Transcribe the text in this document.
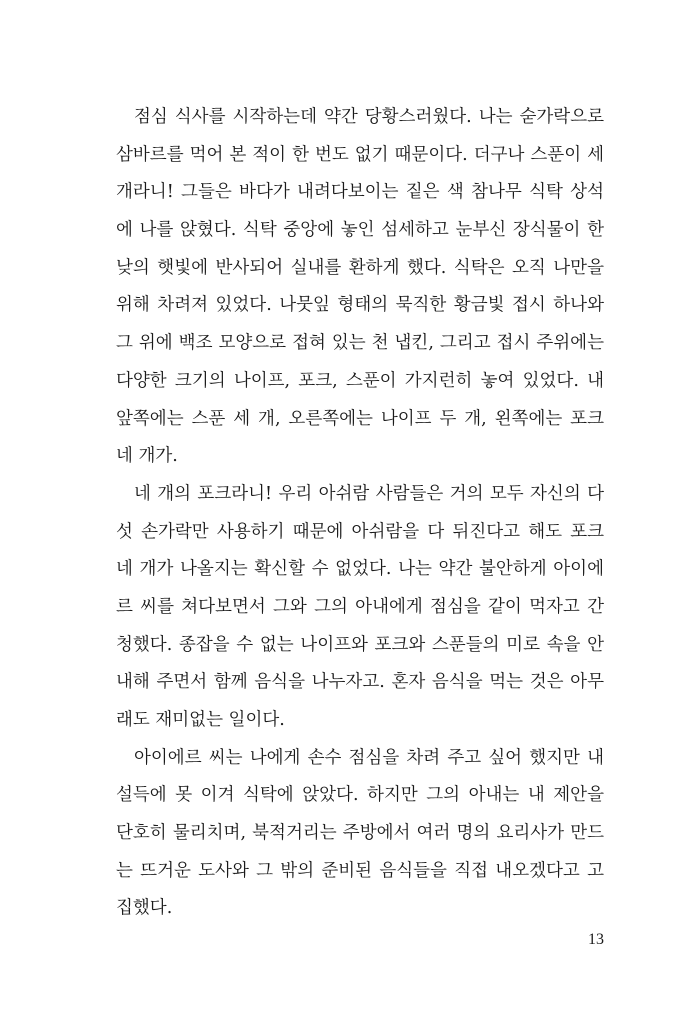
점심 식사를 시작하는데 약간 당황스러웠다. 나는 숟가락으로
삼바르를 먹어 본 적이 한 번도 없기 때문이다. 더구나 스푼이 세
개라니! 그들은 바다가 내려다보이는 짙은 색 참나무 식탁 상석
에 나를 앉혔다. 식탁 중앙에 놓인 섬세하고 눈부신 장식물이 한
낮의 햇빛에 반사되어 실내를 환하게 했다. 식탁은 오직 나만을
위해 차려져 있었다. 나뭇잎 형태의 묵직한 황금빛 접시 하나와
그 위에 백조 모양으로 접혀 있는 천 냅킨, 그리고 접시 주위에는
다양한 크기의 나이프, 포크, 스푼이 가지런히 놓여 있었다. 내
앞쪽에는 스푼 세 개, 오른쪽에는 나이프 두 개, 왼쪽에는 포크
네 개가.
네 개의 포크라니! 우리 아쉬람 사람들은 거의 모두 자신의 다
섯 손가락만 사용하기 때문에 아쉬람을 다 뒤진다고 해도 포크
네 개가 나올지는 확신할 수 없었다. 나는 약간 불안하게 아이에
르 씨를 쳐다보면서 그와 그의 아내에게 점심을 같이 먹자고 간
청했다. 종잡을 수 없는 나이프와 포크와 스푼들의 미로 속을 안
내해 주면서 함께 음식을 나누자고. 혼자 음식을 먹는 것은 아무
래도 재미없는 일이다.
아이에르 씨는 나에게 손수 점심을 차려 주고 싶어 했지만 내
설득에 못 이겨 식탁에 앉았다. 하지만 그의 아내는 내 제안을
단호히 물리치며, 북적거리는 주방에서 여러 명의 요리사가 만드
는 뜨거운 도사와 그 밖의 준비된 음식들을 직접 내오겠다고 고
집했다.
13
